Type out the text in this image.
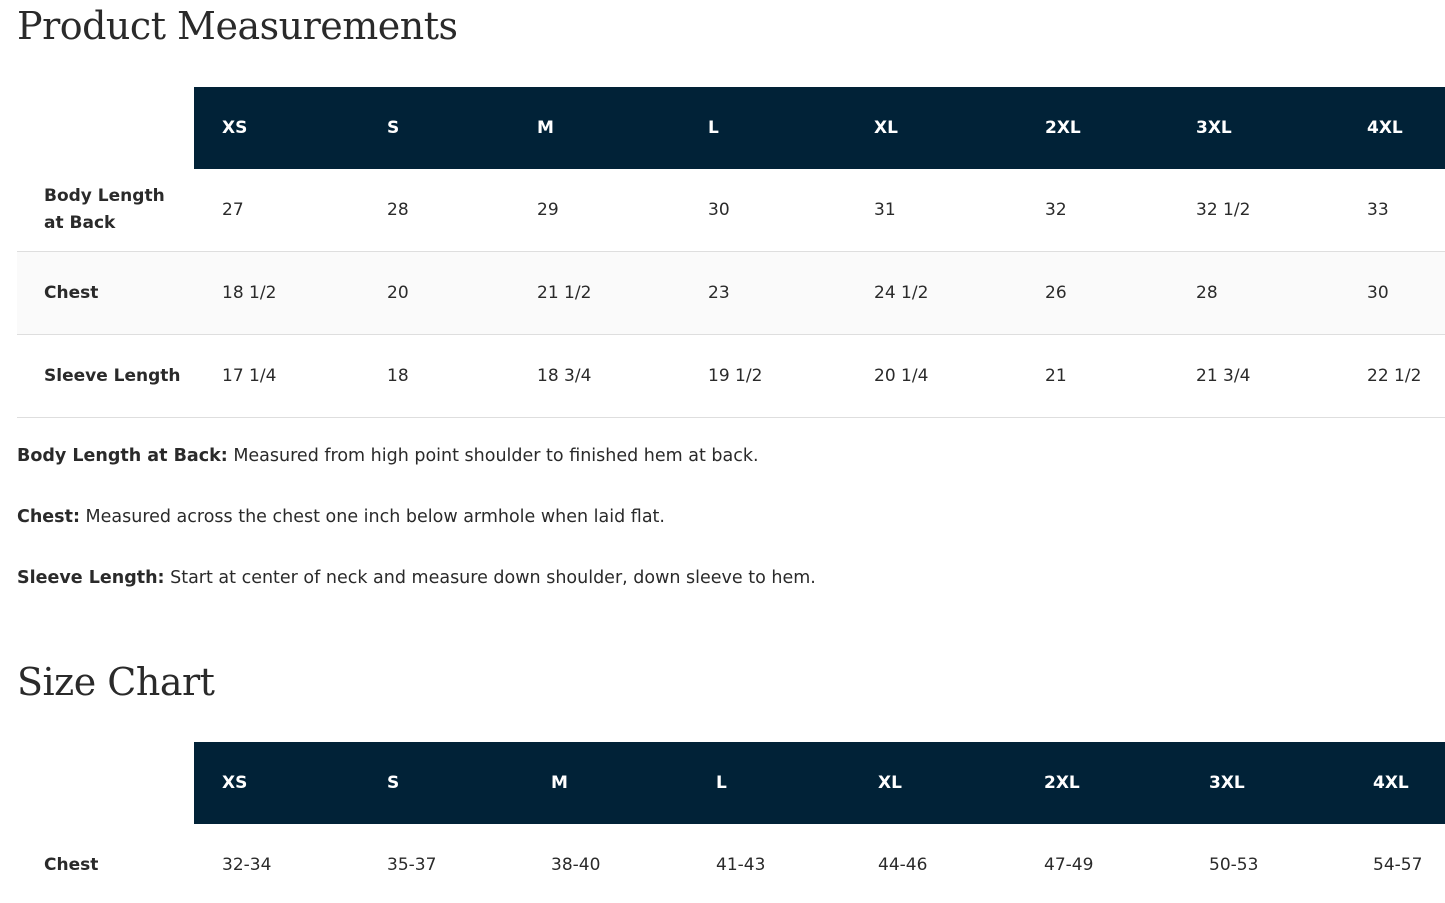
Product Measurements
	XS	S	M	L	XL	2XL	3XL	4XL

Body Length at Back	27	28	29	30	31	32	32 1/2	33

Chest	18 1/2	20	21 1/2	23	24 1/2	26	28	30

Sleeve Length	17 1/4	18	18 3/4	19 1/2	20 1/4	21	21 3/4	22 1/2

Body Length at Back: Measured from high point shoulder to finished hem at back.

Chest: Measured across the chest one inch below armhole when laid flat.

Sleeve Length: Start at center of neck and measure down shoulder, down sleeve to hem.

Size Chart
	XS	S	M	L	XL	2XL	3XL	4XL

Chest	32-34	35-37	38-40	41-43	44-46	47-49	50-53	54-57
